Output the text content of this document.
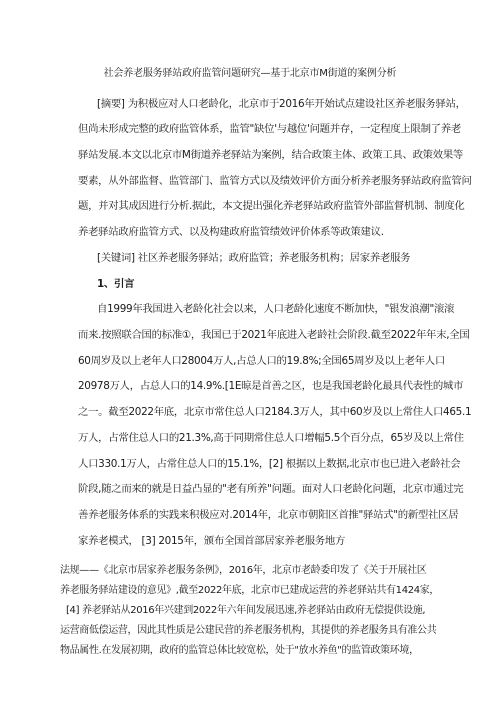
社会养老服务驿站政府监管问题研究—基于北京市M街道的案例分析
[摘要] 为积极应对人口老龄化，北京市于2016年开始试点建设社区养老服务驿站，
但尚未形成完整的政府监管体系，监管"缺位'与越位'问题并存，一定程度上限制了养老
驿站发展.本文以北京市M街道养老驿站为案例，结合政策主体、政策工具、政策效果等
要素，从外部监督、监管部门、监管方式以及绩效评价方面分析养老服务驿站政府监管问
题，并对其成因进行分析.据此，本文提出强化养老驿站政府监管外部监督机制、制度化
养老驿站政府监管方式、以及构建政府监管绩效评价体系等政策建议.
[关键词] 社区养老服务驿站；政府监管；养老服务机构；居家养老服务
1、引言
自1999年我国进入老龄化社会以来，人口老龄化速度不断加快，"银发浪潮"滚滚
而来.按照联合国的标准①，我国已于2021年底进入老龄社会阶段.截至2022年年末,全国
60周岁及以上老年人口28004万人,占总人口的19.8%;全国65周岁及以上老年人口
20978万人，占总人口的14.9%.[1E晾是首善之区，也是我国老龄化最具代表性的城市
之一。截至2022年底，北京市常住总人口2184.3万人，其中60岁及以上常住人口465.1
万人，占常住总人口的21.3%,高于同期常住总人口增幅5.5个百分点，65岁及以上常住
人口330.1万人，占常住总人口的15.1%，[2] 根据以上数据,北京市也已进入老龄社会
阶段,随之而来的就是日益凸显的"老有所养"问题。面对人口老龄化问题，北京市通过完
善养老服务体系的实践来积极应对.2014年，北京市朝阳区首推"驿站式"的新型社区居
家养老模式， [3] 2015年，颁布全国首部居家养老服务地方
法规——《北京市居家养老服务条例》，2016年，北京市老龄委印发了《关于开展社区
养老服务驿站建设的意见》,截至2022年底，北京市已建成运营的养老驿站共有1424家，
[4] 养老驿站从2016年兴建到2022年六年间发展迅速,养老驿站由政府无偿提供设施,
运营商低偿运营，因此其性质是公建民营的养老服务机构，其提供的养老服务具有准公共
物品属性.在发展初期，政府的监管总体比较宽松，处于"放水养鱼"的监管政策环境，
